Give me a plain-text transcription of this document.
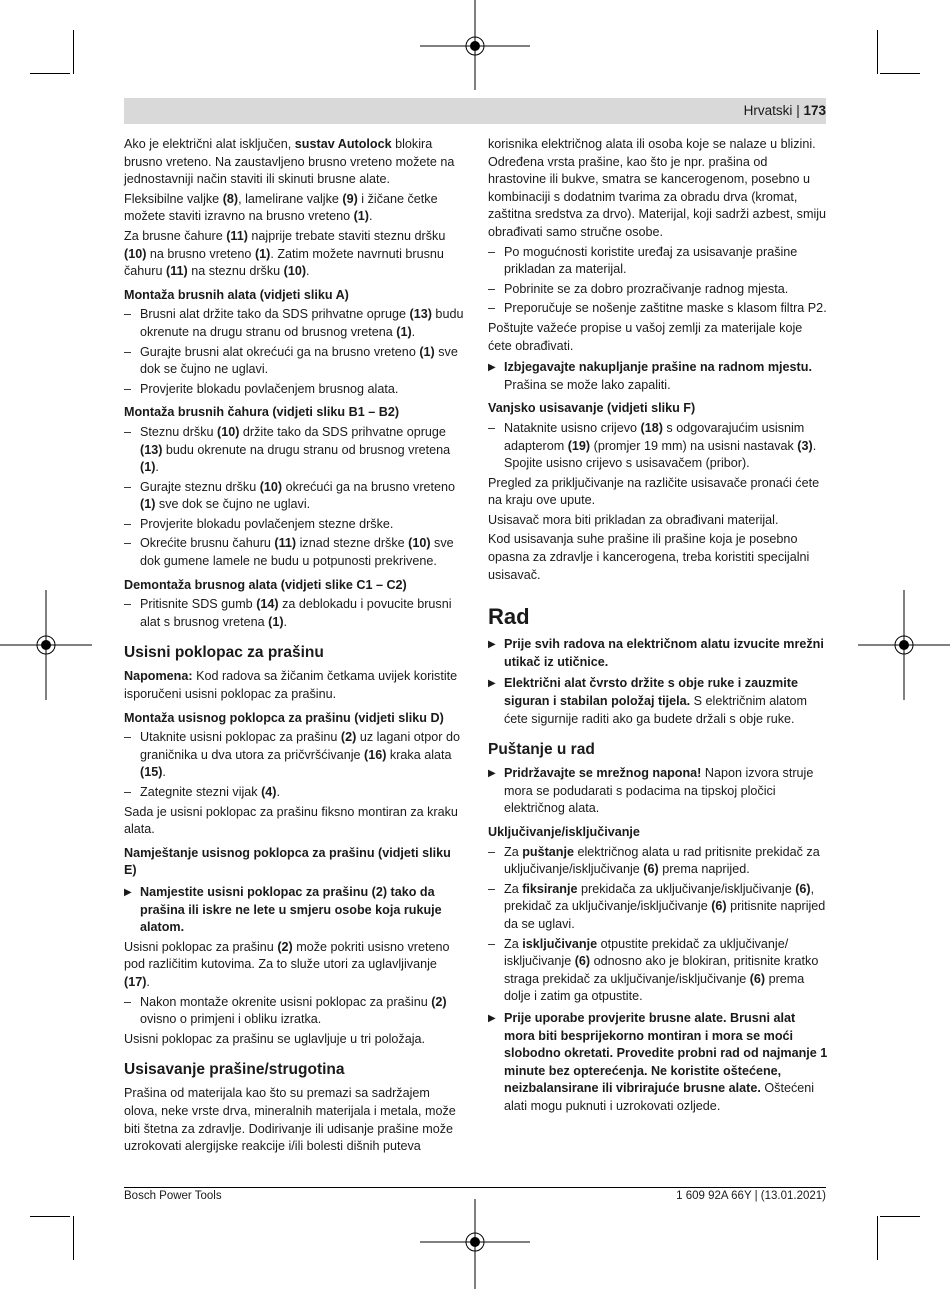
Hrvatski | 173

Ako je električni alat isključen, sustav Autolock blokira brusno vreteno. Na zaustavljeno brusno vreteno možete na jednostavniji način staviti ili skinuti brusne alate.

Fleksibilne valjke (8), lamelirane valjke (9) i žičane četke možete staviti izravno na brusno vreteno (1).

Za brusne čahure (11) najprije trebate staviti steznu dršku (10) na brusno vreteno (1). Zatim možete navrnuti brusnu čahuru (11) na steznu dršku (10).

Montaža brusnih alata (vidjeti sliku A)

– Brusni alat držite tako da SDS prihvatne opruge (13) budu okrenute na drugu stranu od brusnog vretena (1).
– Gurajte brusni alat okrećući ga na brusno vreteno (1) sve dok se čujno ne uglavi.
– Provjerite blokadu povlačenjem brusnog alata.

Montaža brusnih čahura (vidjeti sliku B1 – B2)

– Steznu dršku (10) držite tako da SDS prihvatne opruge (13) budu okrenute na drugu stranu od brusnog vretena (1).
– Gurajte steznu dršku (10) okrećući ga na brusno vreteno (1) sve dok se čujno ne uglavi.
– Provjerite blokadu povlačenjem stezne drške.
– Okrećite brusnu čahuru (11) iznad stezne drške (10) sve dok gumene lamele ne budu u potpunosti prekrivene.

Demontaža brusnog alata (vidjeti slike C1 – C2)

– Pritisnite SDS gumb (14) za deblokadu i povucite brusni alat s brusnog vretena (1).
Usisni poklopac za prašinu

Napomena: Kod radova sa žičanim četkama uvijek koristite isporučeni usisni poklopac za prašinu.

Montaža usisnog poklopca za prašinu (vidjeti sliku D)

– Utaknite usisni poklopac za prašinu (2) uz lagani otpor do graničnika u dva utora za pričvršćivanje (16) kraka alata (15).
– Zategnite stezni vijak (4).

Sada je usisni poklopac za prašinu fiksno montiran za kraku alata.

Namještanje usisnog poklopca za prašinu (vidjeti sliku E)

▶ Namjestite usisni poklopac za prašinu (2) tako da prašina ili iskre ne lete u smjeru osobe koja rukuje alatom.

Usisni poklopac za prašinu (2) može pokriti usisno vreteno pod različitim kutovima. Za to služe utori za uglavljivanje (17).

– Nakon montaže okrenite usisni poklopac za prašinu (2) ovisno o primjeni i obliku izratka.

Usisni poklopac za prašinu se uglavljuje u tri položaja.

Usisavanje prašine/strugotina

Prašina od materijala kao što su premazi sa sadržajem olova, neke vrste drva, mineralnih materijala i metala, može biti štetna za zdravlje. Dodirivanje ili udisanje prašine može uzrokovati alergijske reakcije i/ili bolesti dišnih puteva

korisnika električnog alata ili osoba koje se nalaze u blizini. Određena vrsta prašine, kao što je npr. prašina od hrastovine ili bukve, smatra se kancerogenom, posebno u kombinaciji s dodatnim tvarima za obradu drva (kromat, zaštitna sredstva za drvo). Materijal, koji sadrži azbest, smiju obrađivati samo stručne osobe.

– Po mogućnosti koristite uređaj za usisavanje prašine prikladan za materijal.
– Pobrinite se za dobro prozračivanje radnog mjesta.
– Preporučuje se nošenje zaštitne maske s klasom filtra P2.

Poštujte važeće propise u vašoj zemlji za materijale koje ćete obrađivati.

▶ Izbjegavajte nakupljanje prašine na radnom mjestu. Prašina se može lako zapaliti.

Vanjsko usisavanje (vidjeti sliku F)

– Nataknite usisno crijevo (18) s odgovarajućim usisnim adapterom (19) (promjer 19 mm) na usisni nastavak (3). Spojite usisno crijevo s usisavačem (pribor).

Pregled za priključivanje na različite usisavače pronaći ćete na kraju ove upute.

Usisavač mora biti prikladan za obrađivani materijal.

Kod usisavanja suhe prašine ili prašine koja je posebno opasna za zdravlje i kancerogena, treba koristiti specijalni usisavač.

Rad
▶ Prije svih radova na električnom alatu izvucite mrežni utikač iz utičnice.
▶ Električni alat čvrsto držite s obje ruke i zauzmite siguran i stabilan položaj tijela. S električnim alatom ćete sigurnije raditi ako ga budete držali s obje ruke.
Puštanje u rad
▶ Pridržavajte se mrežnog napona! Napon izvora struje mora se podudarati s podacima na tipskoj pločici električnog alata.

Uključivanje/isključivanje

– Za puštanje električnog alata u rad pritisnite prekidač za uključivanje/isključivanje (6) prema naprijed.
– Za fiksiranje prekidača za uključivanje/isključivanje (6), prekidač za uključivanje/isključivanje (6) pritisnite naprijed da se uglavi.
– Za isključivanje otpustite prekidač za uključivanje/ isključivanje (6) odnosno ako je blokiran, pritisnite kratko straga prekidač za uključivanje/isključivanje (6) prema dolje i zatim ga otpustite.
▶ Prije uporabe provjerite brusne alate. Brusni alat mora biti besprijekorno montiran i mora se moći slobodno okretati. Provedite probni rad od najmanje 1 minute bez opterećenja. Ne koristite oštećene, neizbalansirane ili vibrirajuće brusne alate. Oštećeni alati mogu puknuti i uzrokovati ozljede.
Bosch Power Tools	1 609 92A 66Y | (13.01.2021)
